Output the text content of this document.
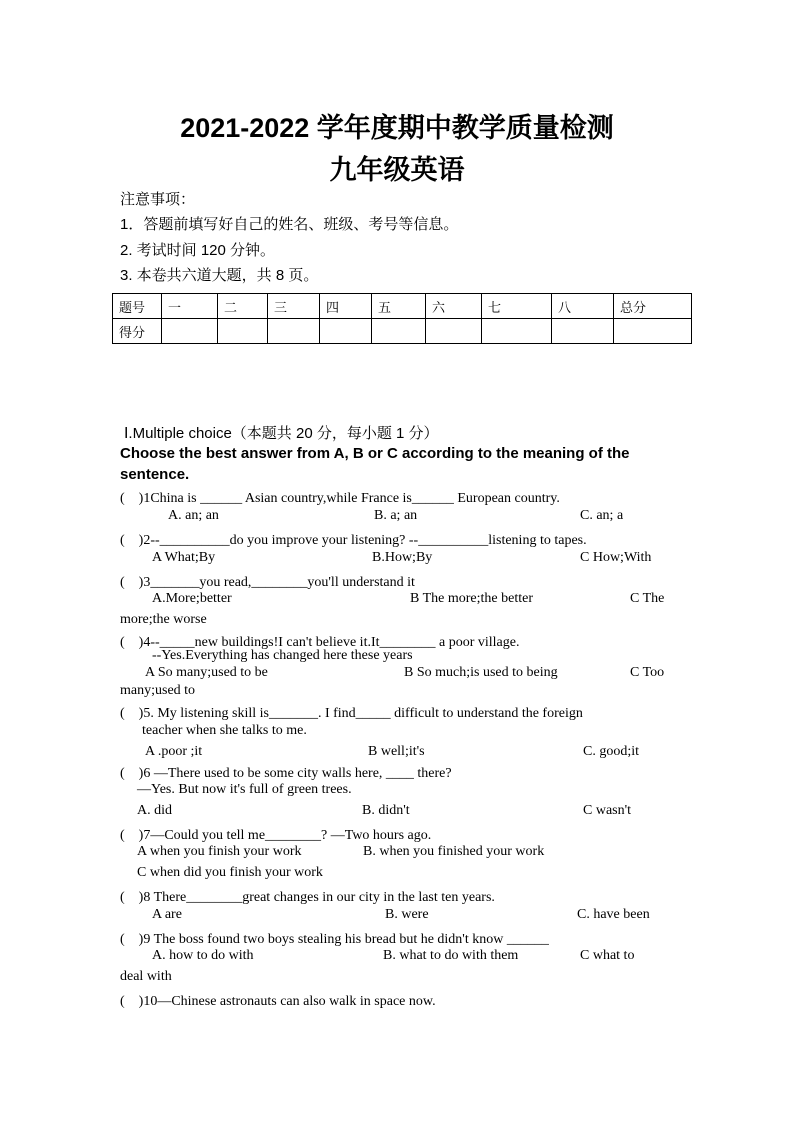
2021-2022 学年度期中教学质量检测
九年级英语
注意事项：
1．答题前填写好自己的姓名、班级、考号等信息。
2. 考试时间 120 分钟。
3. 本卷共六道大题，共 8 页。
题号	一	二	三	四	五	六	七	八	总分
得分									
Ⅰ.Multiple choice（本题共 20 分，每小题 1 分）
Choose the best answer from A, B or C according to the meaning of the
sentence.
(　)1China is ______ Asian country,while France is______ European country.
A. an; an	B. a; an	C. an; a
(　)2--__________do you improve your listening? --__________listening to tapes.
A What;By	B.How;By	C How;With
(　)3_______you read,________you'll understand it
A.More;better	B The more;the better	C The
more;the worse
(　)4--_____new buildings!I can't believe it.It________ a poor village.
--Yes.Everything has changed here these years
A So many;used to be	B So much;is used to being	C Too
many;used to
(　)5. My listening skill is_______. I find_____ difficult to understand the foreign
teacher when she talks to me.
A .poor ;it	B well;it's	C. good;it
(　)6 —There used to be some city walls here, ____ there?
—Yes. But now it's full of green trees.
A. did	B. didn't	C wasn't
(　)7—Could you tell me________? —Two hours ago.
A when you finish your work	B. when you finished your work
C when did you finish your work
(　)8 There________great changes in our city in the last ten years.
A are	B. were	C. have been
(　)9 The boss found two boys stealing his bread but he didn't know ______
A. how to do with	B. what to do with them	C what to
deal with
(　)10—Chinese astronauts can also walk in space now.
